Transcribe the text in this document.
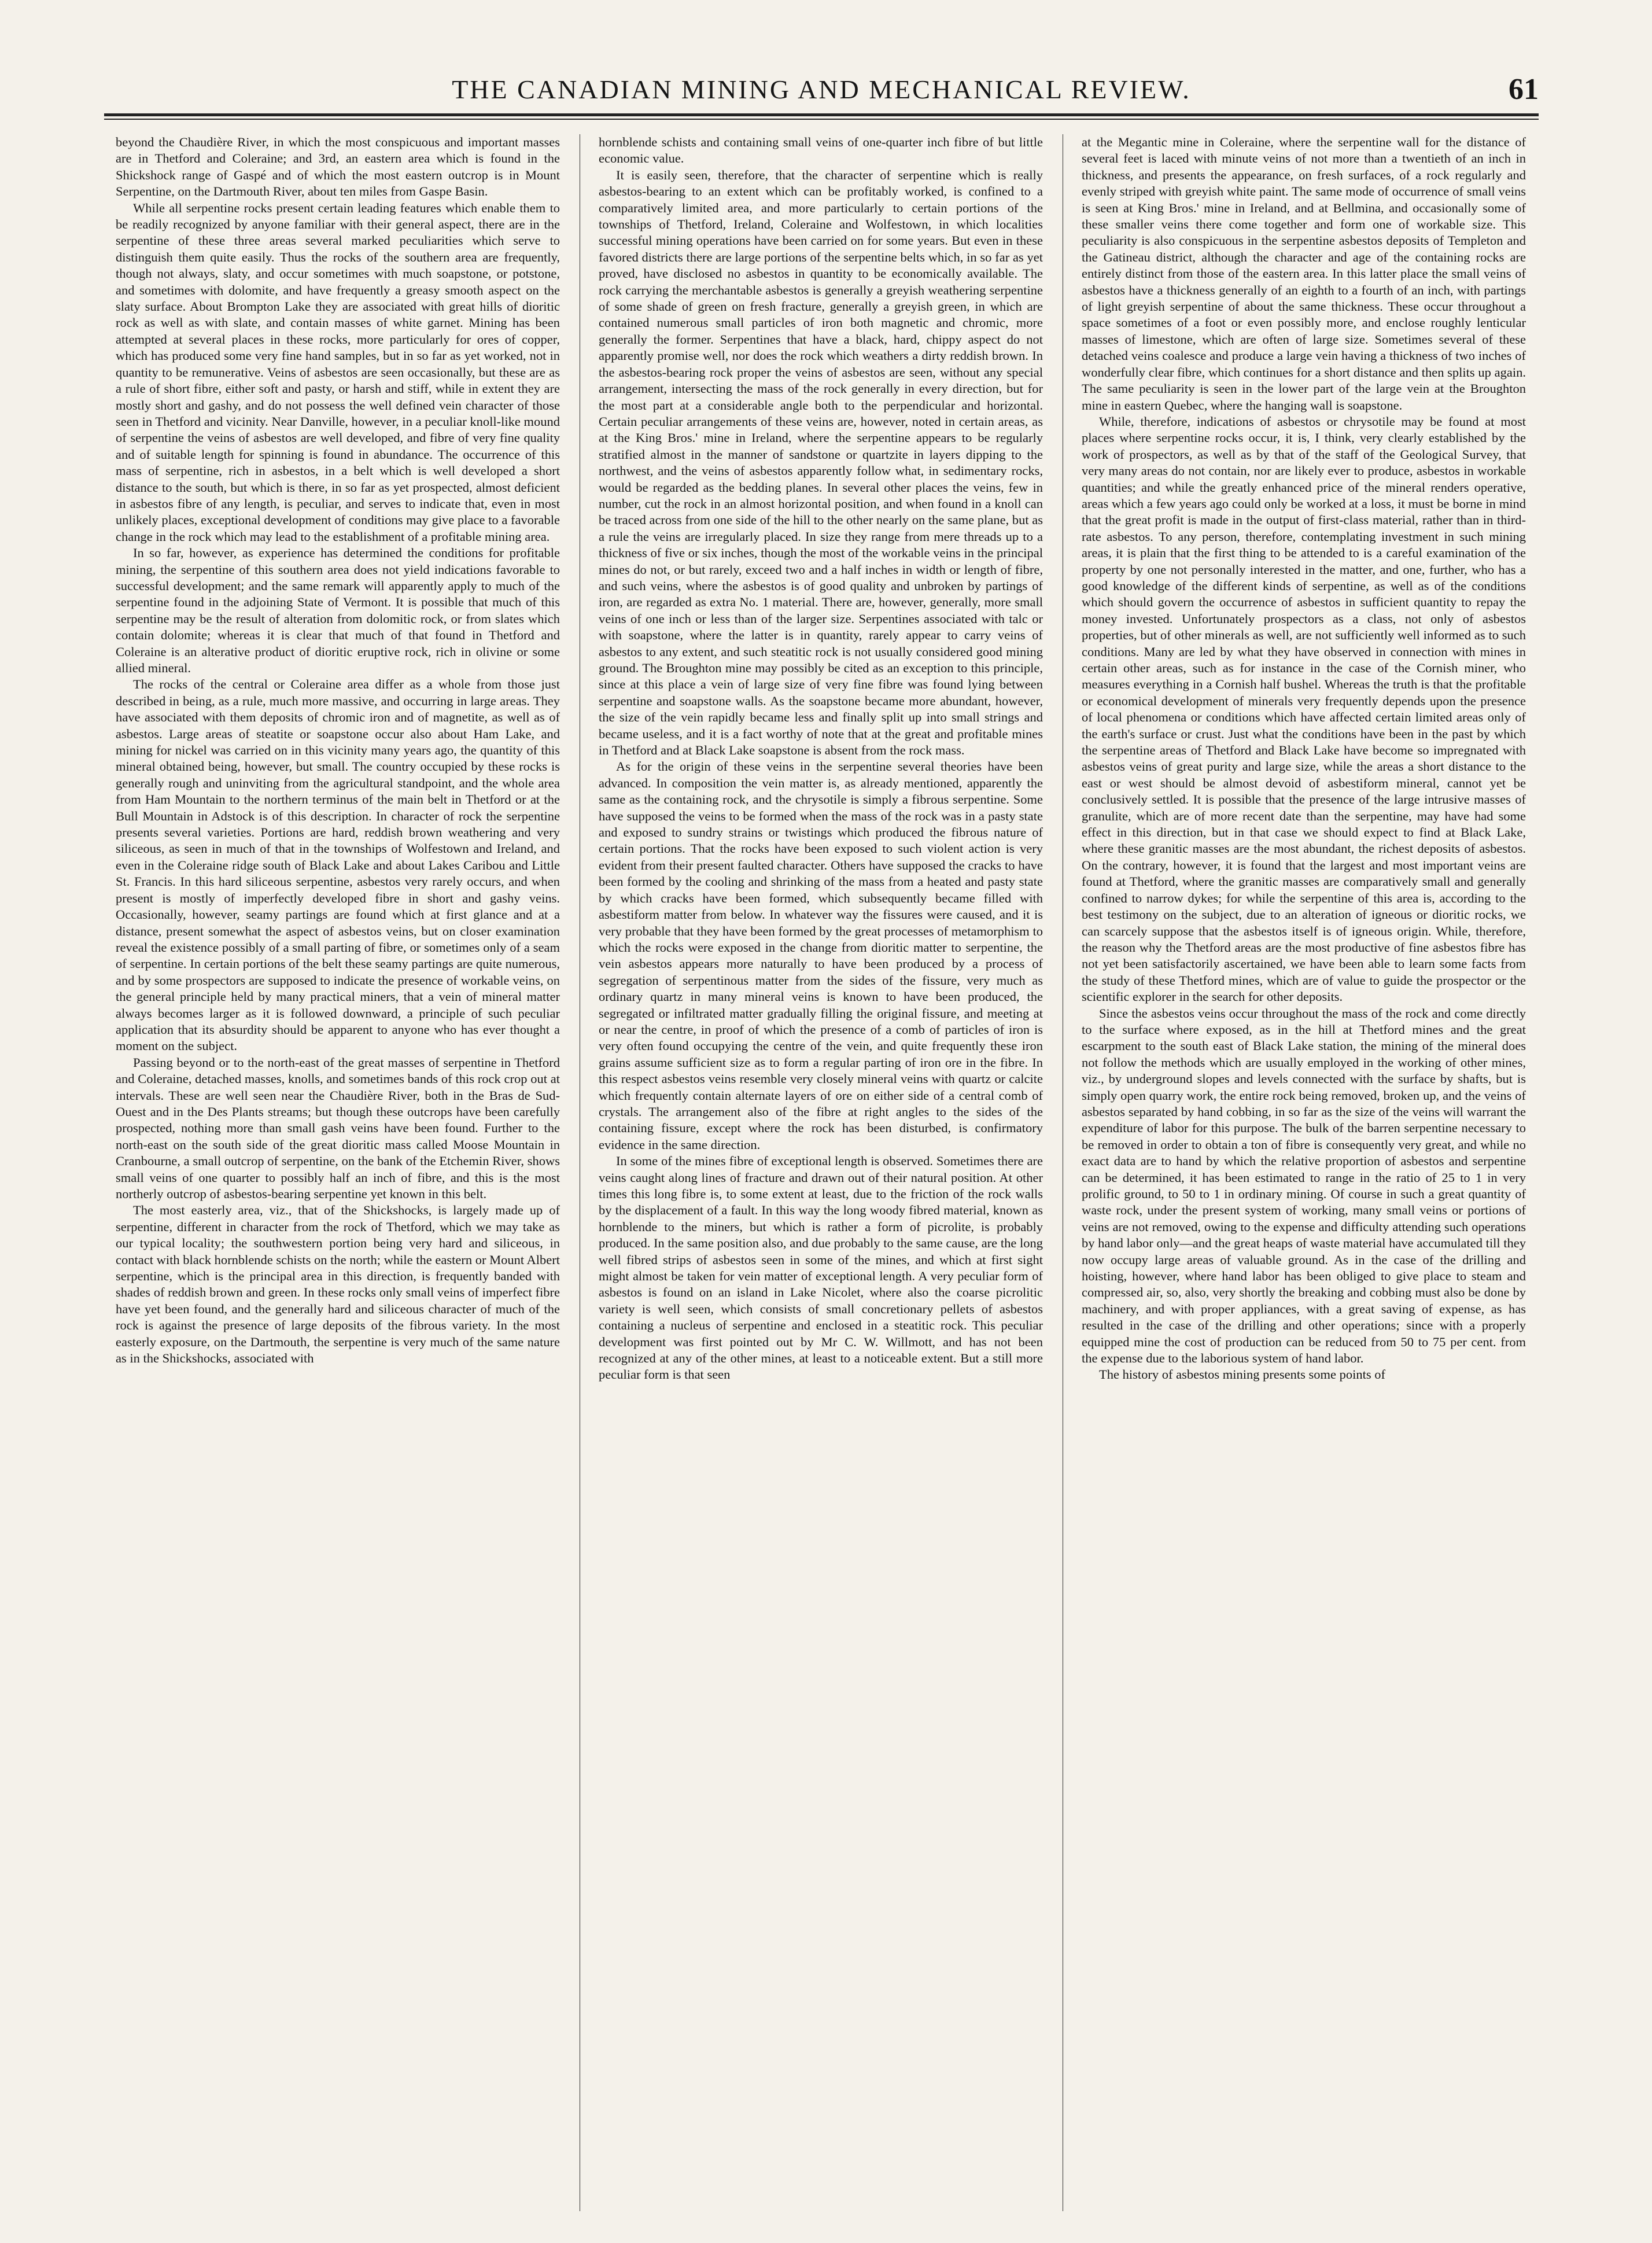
THE CANADIAN MINING AND MECHANICAL REVIEW.	61

beyond the Chaudière River, in which the most conspicuous and important masses are in Thetford and Coleraine; and 3rd, an eastern area which is found in the Shickshock range of Gaspé and of which the most eastern outcrop is in Mount Serpentine, on the Dartmouth River, about ten miles from Gaspe Basin.

While all serpentine rocks present certain leading features which enable them to be readily recognized by anyone familiar with their general aspect, there are in the serpentine of these three areas several marked peculiarities which serve to distinguish them quite easily. Thus the rocks of the southern area are frequently, though not always, slaty, and occur sometimes with much soapstone, or potstone, and sometimes with dolomite, and have frequently a greasy smooth aspect on the slaty surface. About Brompton Lake they are associated with great hills of dioritic rock as well as with slate, and contain masses of white garnet. Mining has been attempted at several places in these rocks, more particularly for ores of copper, which has produced some very fine hand samples, but in so far as yet worked, not in quantity to be remunerative. Veins of asbestos are seen occasionally, but these are as a rule of short fibre, either soft and pasty, or harsh and stiff, while in extent they are mostly short and gashy, and do not possess the well defined vein character of those seen in Thetford and vicinity. Near Danville, however, in a peculiar knoll-like mound of serpentine the veins of asbestos are well developed, and fibre of very fine quality and of suitable length for spinning is found in abundance. The occurrence of this mass of serpentine, rich in asbestos, in a belt which is well developed a short distance to the south, but which is there, in so far as yet prospected, almost deficient in asbestos fibre of any length, is peculiar, and serves to indicate that, even in most unlikely places, exceptional development of conditions may give place to a favorable change in the rock which may lead to the establishment of a profitable mining area.

In so far, however, as experience has determined the conditions for profitable mining, the serpentine of this southern area does not yield indications favorable to successful development; and the same remark will apparently apply to much of the serpentine found in the adjoining State of Vermont. It is possible that much of this serpentine may be the result of alteration from dolomitic rock, or from slates which contain dolomite; whereas it is clear that much of that found in Thetford and Coleraine is an alterative product of dioritic eruptive rock, rich in olivine or some allied mineral.

The rocks of the central or Coleraine area differ as a whole from those just described in being, as a rule, much more massive, and occurring in large areas. They have associated with them deposits of chromic iron and of magnetite, as well as of asbestos. Large areas of steatite or soapstone occur also about Ham Lake, and mining for nickel was carried on in this vicinity many years ago, the quantity of this mineral obtained being, however, but small. The country occupied by these rocks is generally rough and uninviting from the agricultural standpoint, and the whole area from Ham Mountain to the northern terminus of the main belt in Thetford or at the Bull Mountain in Adstock is of this description. In character of rock the serpentine presents several varieties. Portions are hard, reddish brown weathering and very siliceous, as seen in much of that in the townships of Wolfestown and Ireland, and even in the Coleraine ridge south of Black Lake and about Lakes Caribou and Little St. Francis. In this hard siliceous serpentine, asbestos very rarely occurs, and when present is mostly of imperfectly developed fibre in short and gashy veins. Occasionally, however, seamy partings are found which at first glance and at a distance, present somewhat the aspect of asbestos veins, but on closer examination reveal the existence possibly of a small parting of fibre, or sometimes only of a seam of serpentine. In certain portions of the belt these seamy partings are quite numerous, and by some prospectors are supposed to indicate the presence of workable veins, on the general principle held by many practical miners, that a vein of mineral matter always becomes larger as it is followed downward, a principle of such peculiar application that its absurdity should be apparent to anyone who has ever thought a moment on the subject.

Passing beyond or to the north-east of the great masses of serpentine in Thetford and Coleraine, detached masses, knolls, and sometimes bands of this rock crop out at intervals. These are well seen near the Chaudière River, both in the Bras de Sud-Ouest and in the Des Plants streams; but though these outcrops have been carefully prospected, nothing more than small gash veins have been found. Further to the north-east on the south side of the great dioritic mass called Moose Mountain in Cranbourne, a small outcrop of serpentine, on the bank of the Etchemin River, shows small veins of one quarter to possibly half an inch of fibre, and this is the most northerly outcrop of asbestos-bearing serpentine yet known in this belt.

The most easterly area, viz., that of the Shickshocks, is largely made up of serpentine, different in character from the rock of Thetford, which we may take as our typical locality; the southwestern portion being very hard and siliceous, in contact with black hornblende schists on the north; while the eastern or Mount Albert serpentine, which is the principal area in this direction, is frequently banded with shades of reddish brown and green. In these rocks only small veins of imperfect fibre have yet been found, and the generally hard and siliceous character of much of the rock is against the presence of large deposits of the fibrous variety. In the most easterly exposure, on the Dartmouth, the serpentine is very much of the same nature as in the Shickshocks, associated with

hornblende schists and containing small veins of one-quarter inch fibre of but little economic value.

It is easily seen, therefore, that the character of serpentine which is really asbestos-bearing to an extent which can be profitably worked, is confined to a comparatively limited area, and more particularly to certain portions of the townships of Thetford, Ireland, Coleraine and Wolfestown, in which localities successful mining operations have been carried on for some years. But even in these favored districts there are large portions of the serpentine belts which, in so far as yet proved, have disclosed no asbestos in quantity to be economically available. The rock carrying the merchantable asbestos is generally a greyish weathering serpentine of some shade of green on fresh fracture, generally a greyish green, in which are contained numerous small particles of iron both magnetic and chromic, more generally the former. Serpentines that have a black, hard, chippy aspect do not apparently promise well, nor does the rock which weathers a dirty reddish brown. In the asbestos-bearing rock proper the veins of asbestos are seen, without any special arrangement, intersecting the mass of the rock generally in every direction, but for the most part at a considerable angle both to the perpendicular and horizontal. Certain peculiar arrangements of these veins are, however, noted in certain areas, as at the King Bros.' mine in Ireland, where the serpentine appears to be regularly stratified almost in the manner of sandstone or quartzite in layers dipping to the northwest, and the veins of asbestos apparently follow what, in sedimentary rocks, would be regarded as the bedding planes. In several other places the veins, few in number, cut the rock in an almost horizontal position, and when found in a knoll can be traced across from one side of the hill to the other nearly on the same plane, but as a rule the veins are irregularly placed. In size they range from mere threads up to a thickness of five or six inches, though the most of the workable veins in the principal mines do not, or but rarely, exceed two and a half inches in width or length of fibre, and such veins, where the asbestos is of good quality and unbroken by partings of iron, are regarded as extra No. 1 material. There are, however, generally, more small veins of one inch or less than of the larger size. Serpentines associated with talc or with soapstone, where the latter is in quantity, rarely appear to carry veins of asbestos to any extent, and such steatitic rock is not usually considered good mining ground. The Broughton mine may possibly be cited as an exception to this principle, since at this place a vein of large size of very fine fibre was found lying between serpentine and soapstone walls. As the soapstone became more abundant, however, the size of the vein rapidly became less and finally split up into small strings and became useless, and it is a fact worthy of note that at the great and profitable mines in Thetford and at Black Lake soapstone is absent from the rock mass.

As for the origin of these veins in the serpentine several theories have been advanced. In composition the vein matter is, as already mentioned, apparently the same as the containing rock, and the chrysotile is simply a fibrous serpentine. Some have supposed the veins to be formed when the mass of the rock was in a pasty state and exposed to sundry strains or twistings which produced the fibrous nature of certain portions. That the rocks have been exposed to such violent action is very evident from their present faulted character. Others have supposed the cracks to have been formed by the cooling and shrinking of the mass from a heated and pasty state by which cracks have been formed, which subsequently became filled with asbestiform matter from below. In whatever way the fissures were caused, and it is very probable that they have been formed by the great processes of metamorphism to which the rocks were exposed in the change from dioritic matter to serpentine, the vein asbestos appears more naturally to have been produced by a process of segregation of serpentinous matter from the sides of the fissure, very much as ordinary quartz in many mineral veins is known to have been produced, the segregated or infiltrated matter gradually filling the original fissure, and meeting at or near the centre, in proof of which the presence of a comb of particles of iron is very often found occupying the centre of the vein, and quite frequently these iron grains assume sufficient size as to form a regular parting of iron ore in the fibre. In this respect asbestos veins resemble very closely mineral veins with quartz or calcite which frequently contain alternate layers of ore on either side of a central comb of crystals. The arrangement also of the fibre at right angles to the sides of the containing fissure, except where the rock has been disturbed, is confirmatory evidence in the same direction.

In some of the mines fibre of exceptional length is observed. Sometimes there are veins caught along lines of fracture and drawn out of their natural position. At other times this long fibre is, to some extent at least, due to the friction of the rock walls by the displacement of a fault. In this way the long woody fibred material, known as hornblende to the miners, but which is rather a form of picrolite, is probably produced. In the same position also, and due probably to the same cause, are the long well fibred strips of asbestos seen in some of the mines, and which at first sight might almost be taken for vein matter of exceptional length. A very peculiar form of asbestos is found on an island in Lake Nicolet, where also the coarse picrolitic variety is well seen, which consists of small concretionary pellets of asbestos containing a nucleus of serpentine and enclosed in a steatitic rock. This peculiar development was first pointed out by Mr C. W. Willmott, and has not been recognized at any of the other mines, at least to a noticeable extent. But a still more peculiar form is that seen

at the Megantic mine in Coleraine, where the serpentine wall for the distance of several feet is laced with minute veins of not more than a twentieth of an inch in thickness, and presents the appearance, on fresh surfaces, of a rock regularly and evenly striped with greyish white paint. The same mode of occurrence of small veins is seen at King Bros.' mine in Ireland, and at Bellmina, and occasionally some of these smaller veins there come together and form one of workable size. This peculiarity is also conspicuous in the serpentine asbestos deposits of Templeton and the Gatineau district, although the character and age of the containing rocks are entirely distinct from those of the eastern area. In this latter place the small veins of asbestos have a thickness generally of an eighth to a fourth of an inch, with partings of light greyish serpentine of about the same thickness. These occur throughout a space sometimes of a foot or even possibly more, and enclose roughly lenticular masses of limestone, which are often of large size. Sometimes several of these detached veins coalesce and produce a large vein having a thickness of two inches of wonderfully clear fibre, which continues for a short distance and then splits up again. The same peculiarity is seen in the lower part of the large vein at the Broughton mine in eastern Quebec, where the hanging wall is soapstone.

While, therefore, indications of asbestos or chrysotile may be found at most places where serpentine rocks occur, it is, I think, very clearly established by the work of prospectors, as well as by that of the staff of the Geological Survey, that very many areas do not contain, nor are likely ever to produce, asbestos in workable quantities; and while the greatly enhanced price of the mineral renders operative, areas which a few years ago could only be worked at a loss, it must be borne in mind that the great profit is made in the output of first-class material, rather than in third-rate asbestos. To any person, therefore, contemplating investment in such mining areas, it is plain that the first thing to be attended to is a careful examination of the property by one not personally interested in the matter, and one, further, who has a good knowledge of the different kinds of serpentine, as well as of the conditions which should govern the occurrence of asbestos in sufficient quantity to repay the money invested. Unfortunately prospectors as a class, not only of asbestos properties, but of other minerals as well, are not sufficiently well informed as to such conditions. Many are led by what they have observed in connection with mines in certain other areas, such as for instance in the case of the Cornish miner, who measures everything in a Cornish half bushel. Whereas the truth is that the profitable or economical development of minerals very frequently depends upon the presence of local phenomena or conditions which have affected certain limited areas only of the earth's surface or crust. Just what the conditions have been in the past by which the serpentine areas of Thetford and Black Lake have become so impregnated with asbestos veins of great purity and large size, while the areas a short distance to the east or west should be almost devoid of asbestiform mineral, cannot yet be conclusively settled. It is possible that the presence of the large intrusive masses of granulite, which are of more recent date than the serpentine, may have had some effect in this direction, but in that case we should expect to find at Black Lake, where these granitic masses are the most abundant, the richest deposits of asbestos. On the contrary, however, it is found that the largest and most important veins are found at Thetford, where the granitic masses are comparatively small and generally confined to narrow dykes; for while the serpentine of this area is, according to the best testimony on the subject, due to an alteration of igneous or dioritic rocks, we can scarcely suppose that the asbestos itself is of igneous origin. While, therefore, the reason why the Thetford areas are the most productive of fine asbestos fibre has not yet been satisfactorily ascertained, we have been able to learn some facts from the study of these Thetford mines, which are of value to guide the prospector or the scientific explorer in the search for other deposits.

Since the asbestos veins occur throughout the mass of the rock and come directly to the surface where exposed, as in the hill at Thetford mines and the great escarpment to the south east of Black Lake station, the mining of the mineral does not follow the methods which are usually employed in the working of other mines, viz., by underground slopes and levels connected with the surface by shafts, but is simply open quarry work, the entire rock being removed, broken up, and the veins of asbestos separated by hand cobbing, in so far as the size of the veins will warrant the expenditure of labor for this purpose. The bulk of the barren serpentine necessary to be removed in order to obtain a ton of fibre is consequently very great, and while no exact data are to hand by which the relative proportion of asbestos and serpentine can be determined, it has been estimated to range in the ratio of 25 to 1 in very prolific ground, to 50 to 1 in ordinary mining. Of course in such a great quantity of waste rock, under the present system of working, many small veins or portions of veins are not removed, owing to the expense and difficulty attending such operations by hand labor only—and the great heaps of waste material have accumulated till they now occupy large areas of valuable ground. As in the case of the drilling and hoisting, however, where hand labor has been obliged to give place to steam and compressed air, so, also, very shortly the breaking and cobbing must also be done by machinery, and with proper appliances, with a great saving of expense, as has resulted in the case of the drilling and other operations; since with a properly equipped mine the cost of production can be reduced from 50 to 75 per cent. from the expense due to the laborious system of hand labor.

The history of asbestos mining presents some points of
